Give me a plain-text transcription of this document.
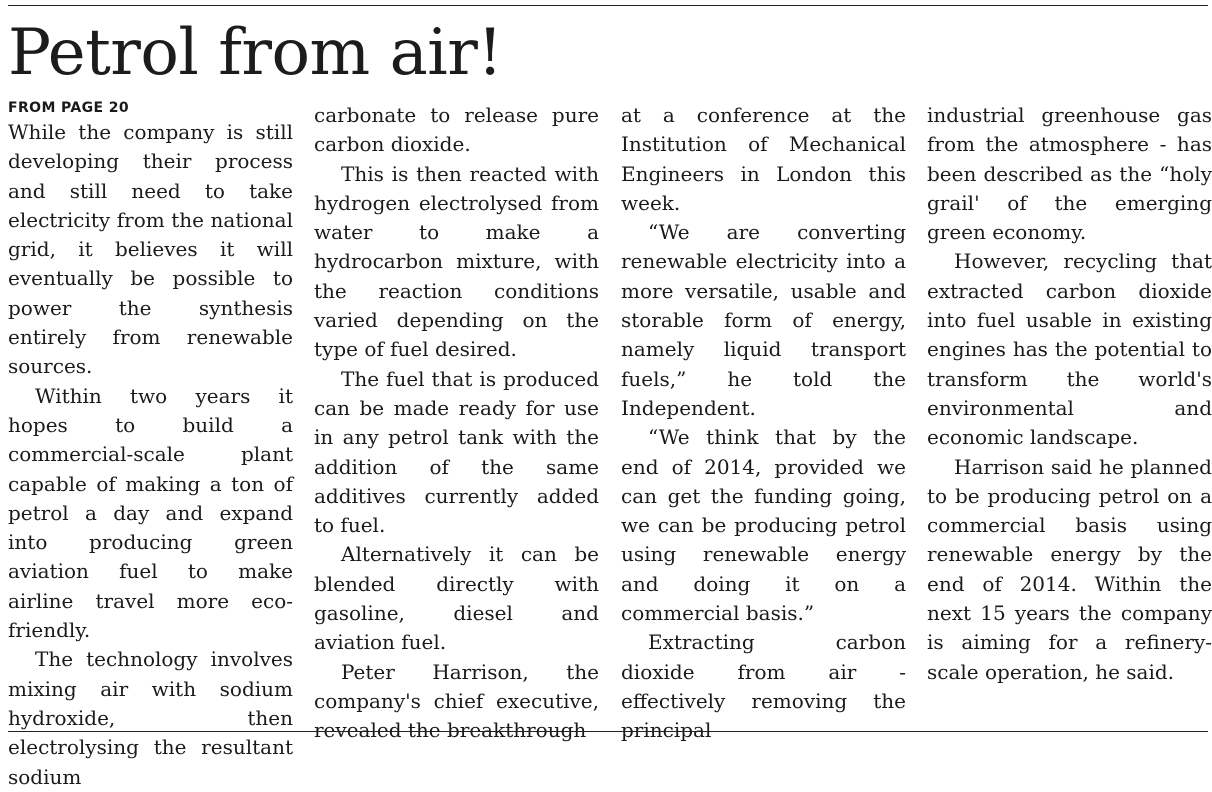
Petrol from air!
FROM PAGE 20

While the company is still developing their process and still need to take electricity from the national grid, it believes it will eventually be possible to power the synthesis entirely from renewable sources.

Within two years it hopes to build a commercial-scale plant capable of making a ton of petrol a day and expand into producing green aviation fuel to make airline travel more eco-friendly.

The technology involves mixing air with sodium hydroxide, then electrolysing the resultant sodium

carbonate to release pure carbon dioxide.

This is then reacted with hydrogen electrolysed from water to make a hydrocarbon mixture, with the reaction conditions varied depending on the type of fuel desired.

The fuel that is produced can be made ready for use in any petrol tank with the addition of the same additives currently added to fuel.

Alternatively it can be blended directly with gasoline, diesel and aviation fuel.

Peter Harrison, the company's chief executive, revealed the breakthrough

at a conference at the Institution of Mechanical Engineers in London this week.

“We are converting renewable electricity into a more versatile, usable and storable form of energy, namely liquid transport fuels,” he told the Independent.

“We think that by the end of 2014, provided we can get the funding going, we can be producing petrol using renewable energy and doing it on a commercial basis.”

Extracting carbon dioxide from air - effectively removing the principal

industrial greenhouse gas from the atmosphere - has been described as the “holy grail' of the emerging green economy.

However, recycling that extracted carbon dioxide into fuel usable in existing engines has the potential to transform the world's environmental and economic landscape.

Harrison said he planned to be producing petrol on a commercial basis using renewable energy by the end of 2014. Within the next 15 years the company is aiming for a refinery-scale operation, he said.
